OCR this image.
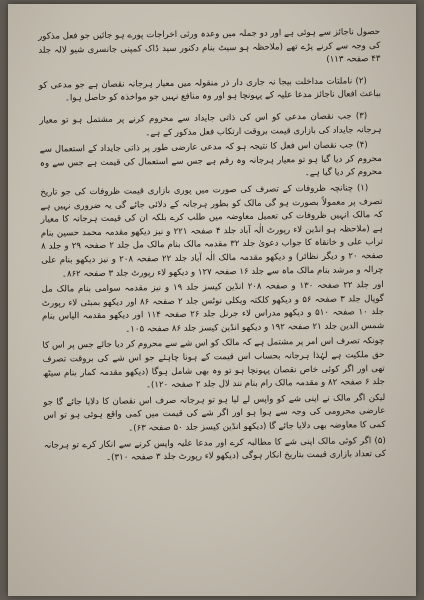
حصول ناجائز سے ہوئی ہے اور دو جملہ میں وعدہ ورثی اخراجات پورے ہو جائیں جو فعل مذکور کی وجہ سے کرنے پڑے تھے (ملاحظہ ہو سیٹ بنام دکنور سید ڈاک کمپنی جانسری شیو لالہ جلد ۴۳ صفحہ ۱۱۳)

(۲) ناملتات مداخلت بیجا نہ جاری دار ذر منقولہ میں معیار ہرجانہ نقصان ہے جو مدعی کو بباعث افعال ناجائز مدعا علیہ کے پہونچا ہو اور وہ منافع نہیں جو مواخذہ کو حاصل ہوا۔

(۳) جب نقصان مدعی کو اس کی ذاتی جایداد سے محروم کرنے پر مشتمل ہو تو معیار ہرجانہ جایداد کی بازاری قیمت بروقت ارتکاب فعل مذکور کے ہے۔

(۴) جب نقصان اس فعل کا نتیجہ ہو کہ مدعی عارضی طور پر ذاتی جایداد کے استعمال سے محروم کر دیا گیا ہو تو معیار ہرجانہ وہ رقم ہے جس سے استعمال کی قیمت ہے جس سے وہ محروم کر دیا گیا ہے۔

(۱) چنانچہ ظروفات کے تصرف کی صورت میں پوری بازاری قیمت ظروفات کی جو تاریخ تصرف پر معمولاً بصورت ہو گی مالک کو بطور ہرجانہ کے دلائی جائے گی یہ ضروری نہیں ہے کہ مالک انہیں ظروفات کی تعمیل معاوضہ میں طلب کرے بلکہ ان کی قیمت ہرجانہ کا معیار ہے (ملاحظہ ہو انڈین لاء رپورٹ الٰہ آباد جلد ۴ صفحہ ۲۲۱ و نیز دیکھو مقدمہ محمد حسین بنام تراب علی و خانقاہ کا جواب دعویٰ جلد ۳۲ مقدمہ مالک بنام مالک مل جلد ۲ صفحہ ۲۹ و جلد ۸ صفحہ ۲۰ و دیگر نظائر) و دیکھو مقدمہ مالک الٰہ آباد جلد ۲۲ صفحہ ۲۰۸ و نیز دیکھو بنام علی چرالہ و مرشد بنام مالک ماہ سے جلد ۱۶ صفحہ ۱۲۷ و دیکھو لاء رپورٹ جلد ۳ صفحہ ۸۶۲۔

اور جلد ۲۲ صفحہ ۱۳۰ و صفحہ ۲۰۸ انڈین کیسز جلد ۱۹ و نیز مقدمہ سوامی بنام مالک مل گوپال جلد ۳ صفحہ ۵۶ و دیکھو کلکتہ ویکلی نوٹس جلد ۲ صفحہ ۸۶ اور دیکھو بمبئی لاء رپورٹ جلد ۱۰ صفحہ ۵۱۰ و دیکھو مدراس لاء جرنل جلد ۲۶ صفحہ ۱۱۴ اور دیکھو مقدمہ الیاس بنام شمس الدین جلد ۲۱ صفحہ ۱۹۲ و دیکھو انڈین کیسز جلد ۸۶ صفحہ ۱۰۵۔

چونکہ تصرف اس امر پر مشتمل ہے کہ مالک کو اس شے سے محروم کر دیا جائے جس پر اس کا حق ملکیت ہے لہٰذا ہرجانہ بحساب اس قیمت کے ہونا چاہئے جو اس شے کی بروقت تصرف تھی اور اگر کوئی خاص نقصان پہونچا ہو تو وہ بھی شامل ہوگا (دیکھو مقدمہ کمار بنام سیٹھ جلد ۶ صفحہ ۸۲ و مقدمہ مالک رام بنام نند لال جلد ۲ صفحہ ۱۲۰)۔

لیکن اگر مالک نے اپنی شے کو واپس لے لیا ہو تو ہرجانہ صرف اس نقصان کا دلایا جائے گا جو عارضی محرومی کی وجہ سے ہوا ہو اور اگر شے کی قیمت میں کمی واقع ہوئی ہو تو اس کمی کا معاوضہ بھی دلایا جائے گا (دیکھو انڈین کیسز جلد ۵۰ صفحہ ۶۳)۔

(۵) اگر کوئی مالک اپنی شے کا مطالبہ کرے اور مدعا علیہ واپس کرنے سے انکار کرے تو ہرجانہ کی تعداد بازاری قیمت بتاریخ انکار ہوگی (دیکھو لاء رپورٹ جلد ۳ صفحہ ۳۱۰)۔
